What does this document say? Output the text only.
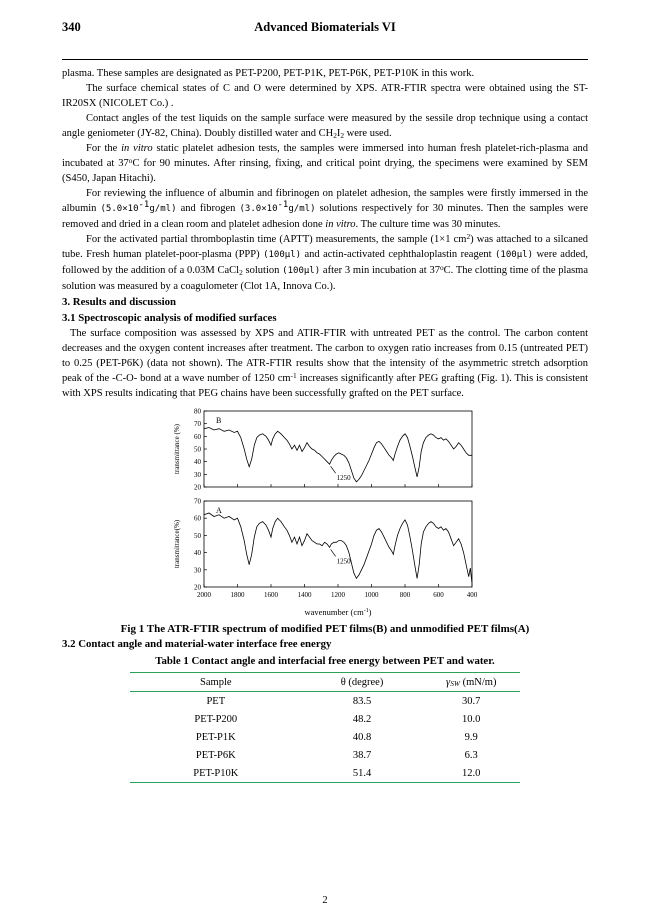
340	Advanced Biomaterials VI

plasma. These samples are designated as PET-P200, PET-P1K, PET-P6K, PET-P10K in this work.

The surface chemical states of C and O were determined by XPS. ATR-FTIR spectra were obtained using the ST-IR20SX (NICOLET Co.) .

Contact angles of the test liquids on the sample surface were measured by the sessile drop technique using a contact angle geniometer (JY-82, China). Doubly distilled water and CH2I2 were used.

For the in vitro static platelet adhesion tests, the samples were immersed into human fresh platelet-rich-plasma and incubated at 37$^o$C for 90 minutes. After rinsing, fixing, and critical point drying, the specimens were examined by SEM (S450, Japan Hitachi).

For reviewing the influence of albumin and fibrinogen on platelet adhesion, the samples were firstly immersed in the albumin (5.0×10-1g/ml) and fibrogen (3.0×10-1g/ml) solutions respectively for 30 minutes. Then the samples were removed and dried in a clean room and platelet adhesion done in vitro. The culture time was 30 minutes.

For the activated partial thromboplastin time (APTT) measurements, the sample (1×1 $cm^2$) was attached to a silcaned tube. Fresh human platelet-poor-plasma (PPP) (100μl) and actin-activated cephthaloplastin reagent (100μl) were added, followed by the addition of a 0.03M CaCl2 solution (100μl) after 3 min incubation at 37$^o$C. The clotting time of the plasma solution was measured by a coagulometer (Clot 1A, Innova Co.).

3. Results and discussion
3.1 Spectroscopic analysis of modified surfaces

The surface composition was assessed by XPS and ATIR-FTIR with untreated PET as the control. The carbon content decreases and the oxygen content increases after treatment. The carbon to oxygen ratio increases from 0.15 (untreated PET) to 0.25 (PET-P6K) (data not shown). The ATR-FTIR results show that the intensity of the asymmetric stretch adsorption peak of the -C-O- bond at a wave number of 1250 $cm^{-1}$ increases significantly after PEG grafting (Fig. 1). This is consistent with XPS results indicating that PEG chains have been successfully grafted on the PET surface.

transmittance (%)
20
30
40
50
60
70
80
B
1250
transmittance(%)
20
30
40
50
60
70
2000	1800	1600	1400	1200	1000	800	600	400
A
1250
wavenumber $(cm^{-1})$
Fig 1 The ATR-FTIR spectrum of modified PET films(B) and unmodified PET films(A)
3.2 Contact angle and material-water interface free energy
Table 1 Contact angle and interfacial free energy between PET and water.
Sample	θ (degree)	γSW (mN/m)
PET	83.5	30.7
PET-P200	48.2	10.0
PET-P1K	40.8	9.9
PET-P6K	38.7	6.3
PET-P10K	51.4	12.0
2
